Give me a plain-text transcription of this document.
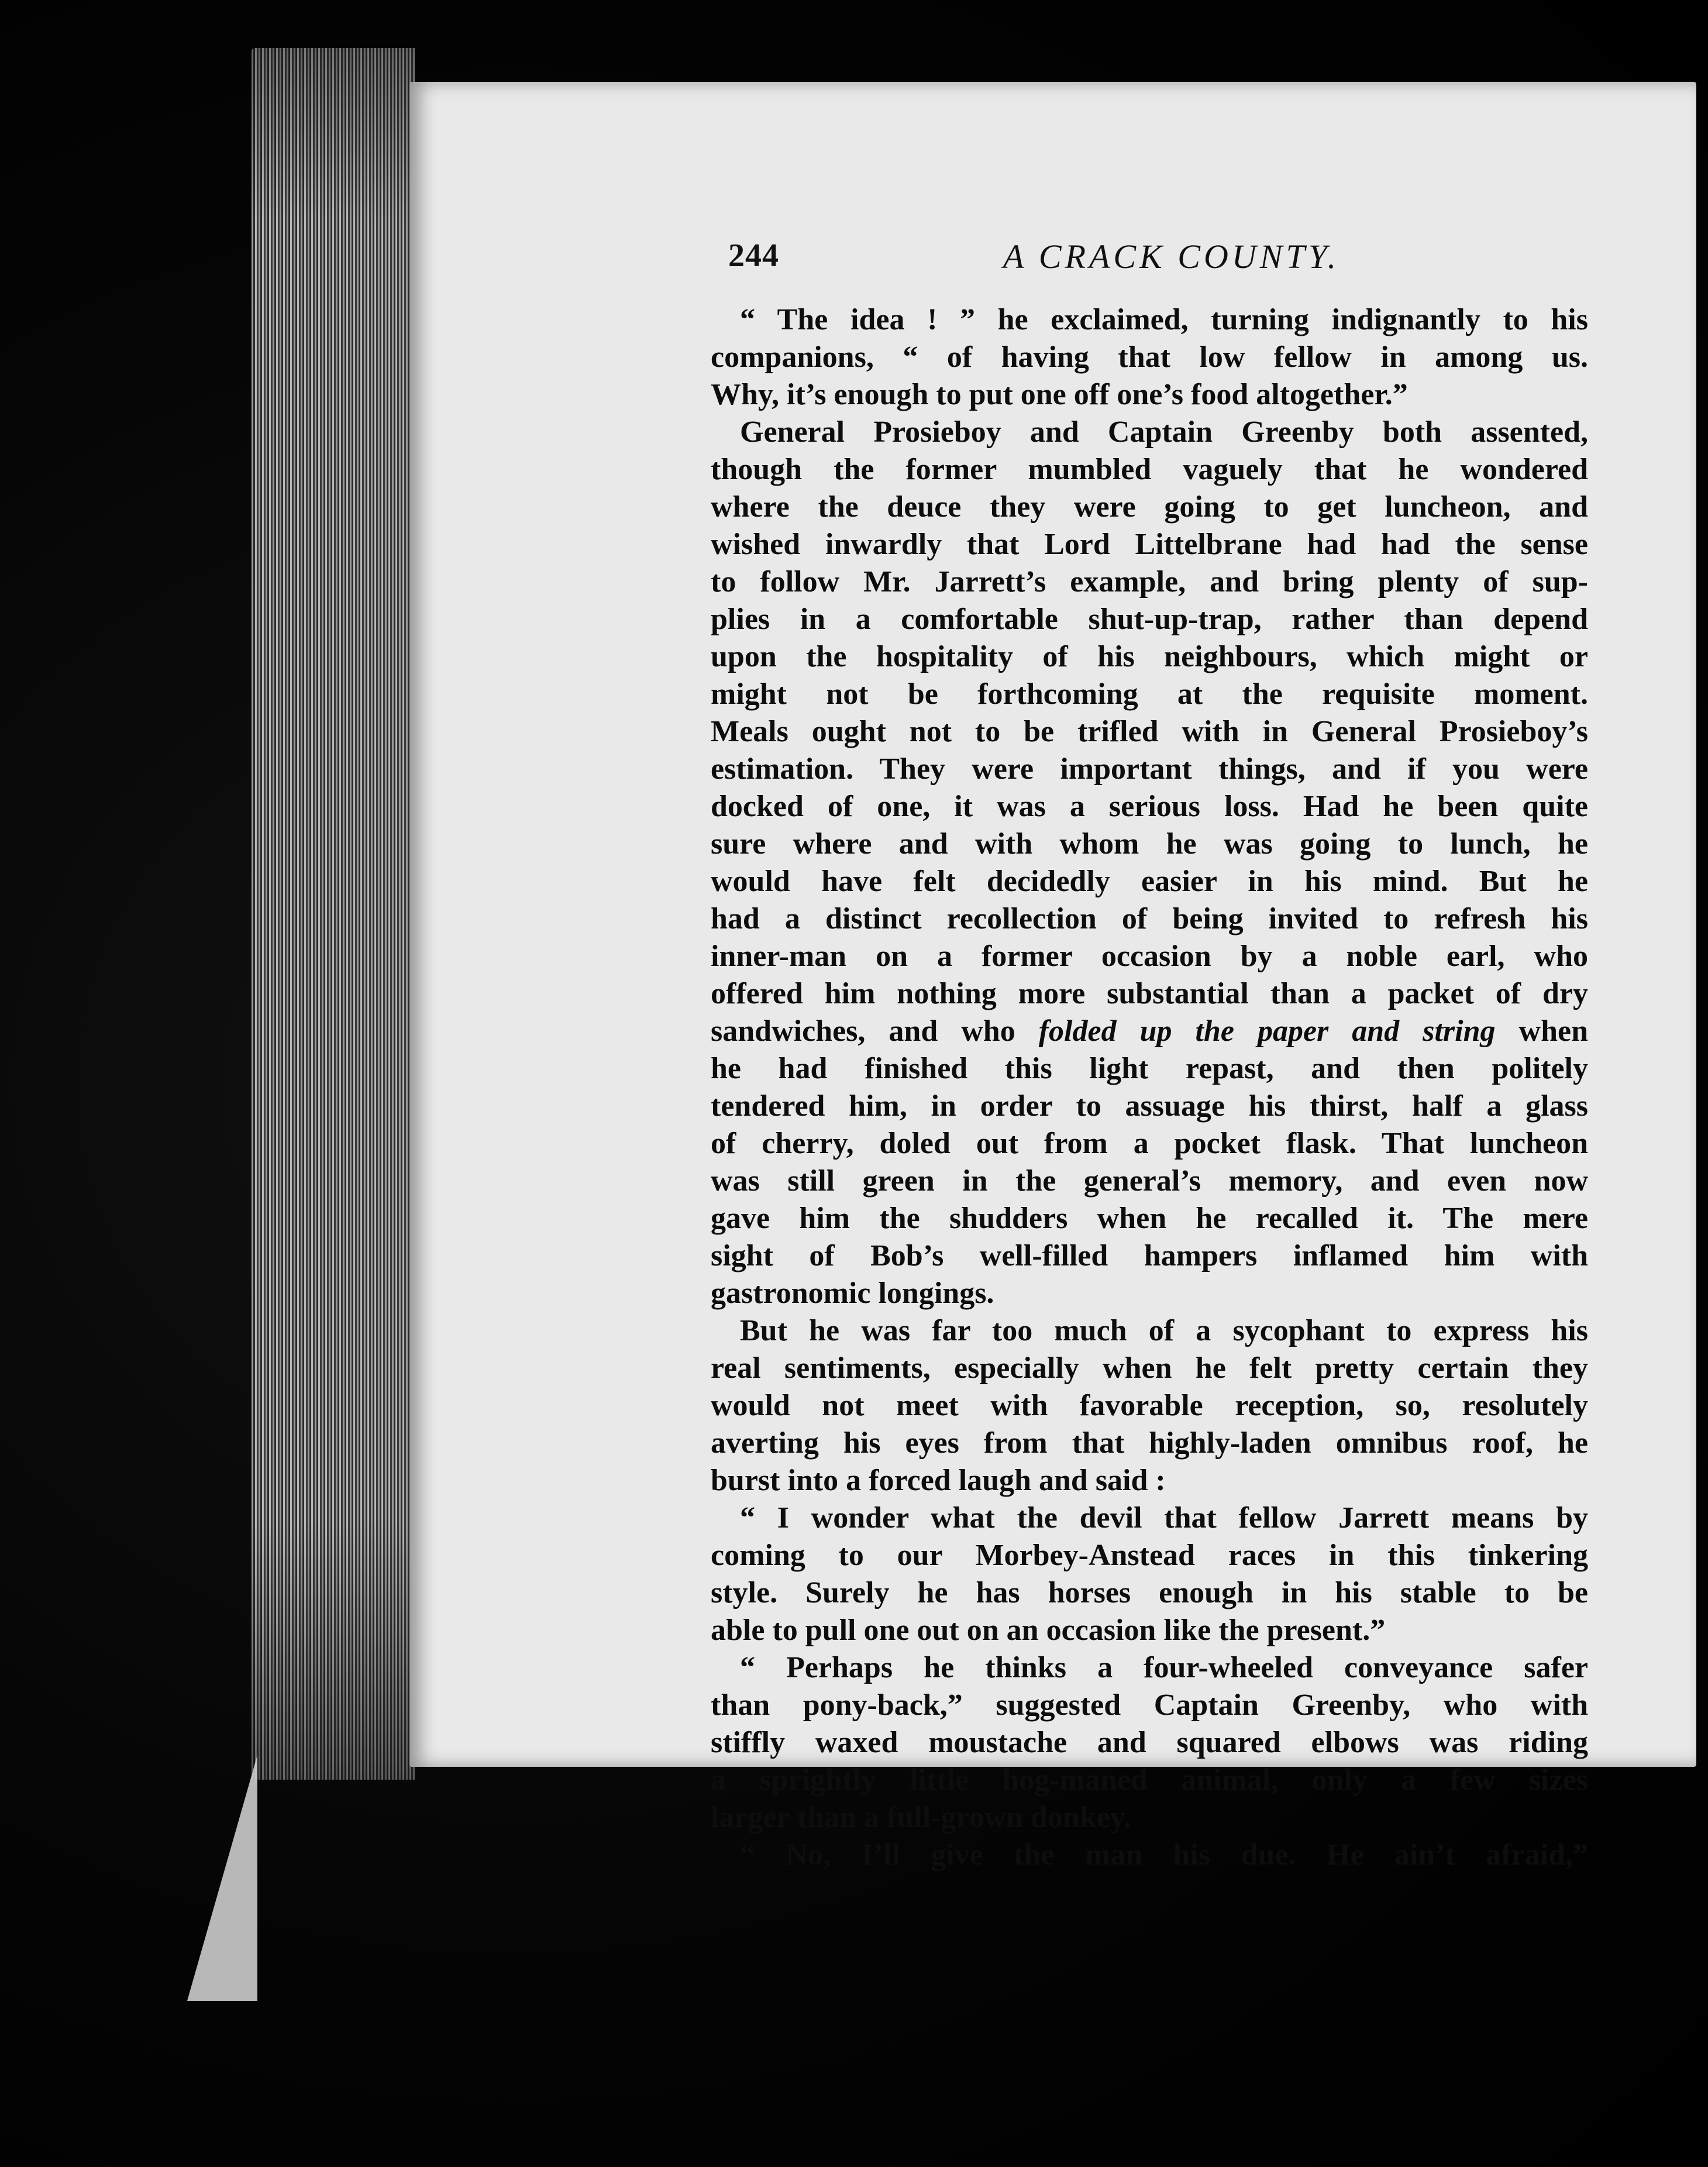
244	A CRACK COUNTY.
“ The idea ! ” he exclaimed, turning indignantly to his
companions, “ of having that low fellow in among us.
Why, it’s enough to put one off one’s food altogether.”
General Prosieboy and Captain Greenby both assented,
though the former mumbled vaguely that he wondered
where the deuce they were going to get luncheon, and
wished inwardly that Lord Littelbrane had had the sense
to follow Mr. Jarrett’s example, and bring plenty of sup-
plies in a comfortable shut-up-trap, rather than depend
upon the hospitality of his neighbours, which might or
might not be forthcoming at the requisite moment.
Meals ought not to be trifled with in General Prosieboy’s
estimation. They were important things, and if you were
docked of one, it was a serious loss. Had he been quite
sure where and with whom he was going to lunch, he
would have felt decidedly easier in his mind. But he
had a distinct recollection of being invited to refresh his
inner-man on a former occasion by a noble earl, who
offered him nothing more substantial than a packet of dry
sandwiches, and who folded up the paper and string when
he had finished this light repast, and then politely
tendered him, in order to assuage his thirst, half a glass
of cherry, doled out from a pocket flask. That luncheon
was still green in the general’s memory, and even now
gave him the shudders when he recalled it. The mere
sight of Bob’s well-filled hampers inflamed him with
gastronomic longings.
But he was far too much of a sycophant to express his
real sentiments, especially when he felt pretty certain they
would not meet with favorable reception, so, resolutely
averting his eyes from that highly-laden omnibus roof, he
burst into a forced laugh and said :
“ I wonder what the devil that fellow Jarrett means by
coming to our Morbey-Anstead races in this tinkering
style. Surely he has horses enough in his stable to be
able to pull one out on an occasion like the present.”
“ Perhaps he thinks a four-wheeled conveyance safer
than pony-back,” suggested Captain Greenby, who with
stiffly waxed moustache and squared elbows was riding
a sprightly little hog-maned animal, only a few sizes
larger than a full-grown donkey.
“ No, I’ll give the man his due. He ain’t afraid,”
